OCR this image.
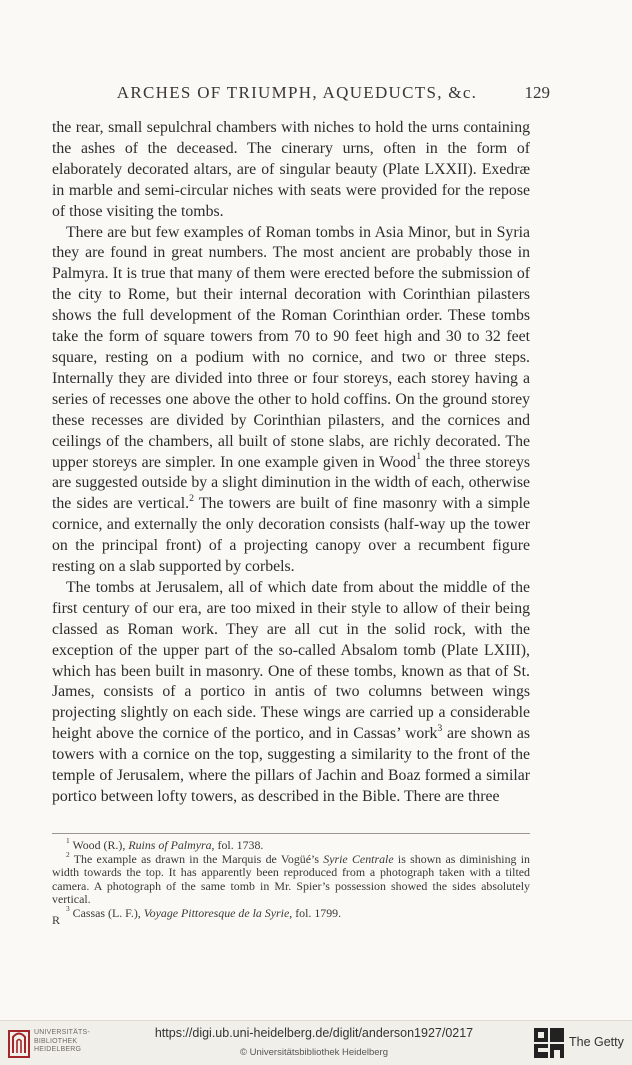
ARCHES OF TRIUMPH, AQUEDUCTS, &c.	129

the rear, small sepulchral chambers with niches to hold the urns containing the ashes of the deceased. The cinerary urns, often in the form of elaborately decorated altars, are of singular beauty (Plate LXXII). Exedræ in marble and semi-circular niches with seats were provided for the repose of those visiting the tombs.

There are but few examples of Roman tombs in Asia Minor, but in Syria they are found in great numbers. The most ancient are probably those in Palmyra. It is true that many of them were erected before the submission of the city to Rome, but their internal decoration with Corinthian pilasters shows the full development of the Roman Corinthian order. These tombs take the form of square towers from 70 to 90 feet high and 30 to 32 feet square, resting on a podium with no cornice, and two or three steps. Internally they are divided into three or four storeys, each storey having a series of recesses one above the other to hold coffins. On the ground storey these recesses are divided by Corinthian pilasters, and the cornices and ceilings of the chambers, all built of stone slabs, are richly decorated. The upper storeys are simpler. In one example given in Wood$^1$ the three storeys are suggested outside by a slight diminution in the width of each, otherwise the sides are vertical.$^2$ The towers are built of fine masonry with a simple cornice, and externally the only decoration consists (half-way up the tower on the principal front) of a projecting canopy over a recumbent figure resting on a slab supported by corbels.

The tombs at Jerusalem, all of which date from about the middle of the first century of our era, are too mixed in their style to allow of their being classed as Roman work. They are all cut in the solid rock, with the exception of the upper part of the so-called Absalom tomb (Plate LXIII), which has been built in masonry. One of these tombs, known as that of St. James, consists of a portico in antis of two columns between wings projecting slightly on each side. These wings are carried up a considerable height above the cornice of the portico, and in Cassas’ work$^3$ are shown as towers with a cornice on the top, suggesting a similarity to the front of the temple of Jerusalem, where the pillars of Jachin and Boaz formed a similar portico between lofty towers, as described in the Bible. There are three

$^1$ Wood (R.), Ruins of Palmyra, fol. 1738.

$^2$ The example as drawn in the Marquis de Vogüé’s Syrie Centrale is shown as diminishing in width towards the top. It has apparently been reproduced from a photograph taken with a tilted camera. A photograph of the same tomb in Mr. Spier’s possession showed the sides absolutely vertical.

$^3$ Cassas (L. F.), Voyage Pittoresque de la Syrie, fol. 1799.

R
UNIVERSITÄTS-
BIBLIOTHEK
HEIDELBERG
https://digi.ub.uni-heidelberg.de/diglit/anderson1927/0217
© Universitätsbibliothek Heidelberg
The Getty
